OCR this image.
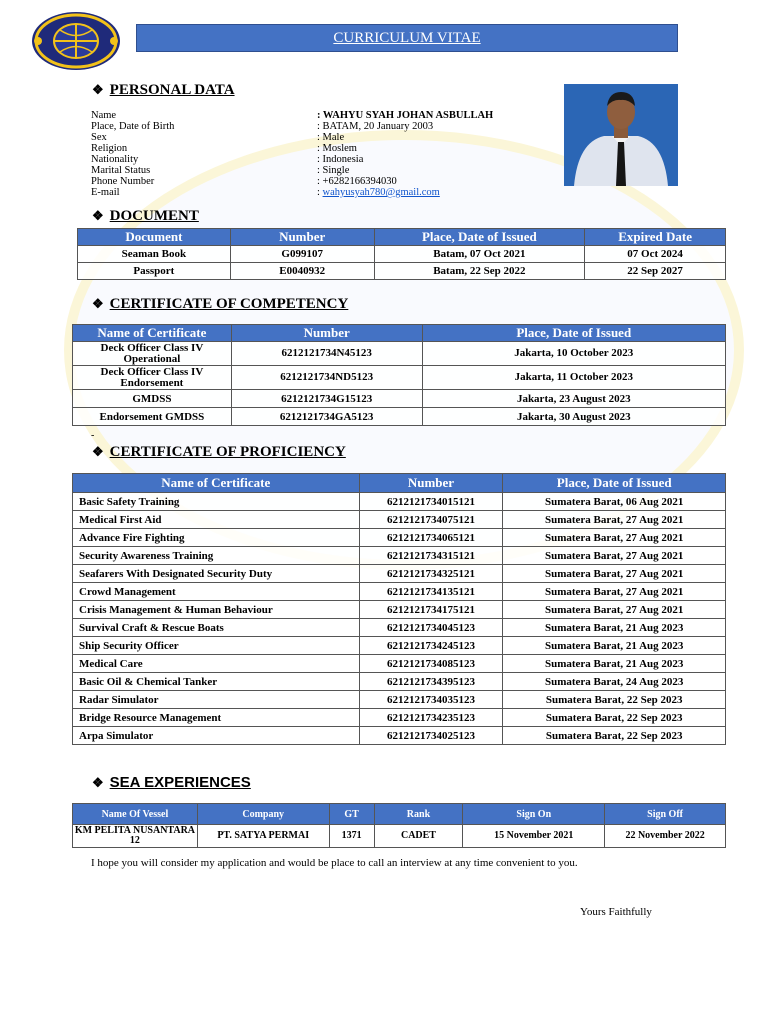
CURRICULUM VITAE
❖ PERSONAL DATA
Name	: WAHYU SYAH JOHAN ASBULLAH
Place, Date of Birth	: BATAM, 20 January 2003
Sex	: Male
Religion	: Moslem
Nationality	: Indonesia
Marital Status	: Single
Phone Number	: +6282166394030
E-mail	: wahyusyah780@gmail.com
❖ DOCUMENT
Document	Number	Place, Date of Issued	Expired Date
Seaman Book	G099107	Batam, 07 Oct 2021	07 Oct 2024
Passport	E0040932	Batam, 22 Sep 2022	22 Sep 2027
❖ CERTIFICATE OF COMPETENCY
Name of Certificate	Number	Place, Date of Issued
Deck Officer Class IV Operational	6212121734N45123	Jakarta, 10 October 2023
Deck Officer Class IV Endorsement	6212121734ND5123	Jakarta, 11 October 2023
GMDSS	6212121734G15123	Jakarta, 23 August 2023
Endorsement GMDSS	6212121734GA5123	Jakarta, 30 August 2023
-
❖ CERTIFICATE OF PROFICIENCY
Name of Certificate	Number	Place, Date of Issued
Basic Safety Training	6212121734015121	Sumatera Barat, 06 Aug 2021
Medical First Aid	6212121734075121	Sumatera Barat, 27 Aug 2021
Advance Fire Fighting	6212121734065121	Sumatera Barat, 27 Aug 2021
Security Awareness Training	6212121734315121	Sumatera Barat, 27 Aug 2021
Seafarers With Designated Security Duty	6212121734325121	Sumatera Barat, 27 Aug 2021
Crowd Management	6212121734135121	Sumatera Barat, 27 Aug 2021
Crisis Management & Human Behaviour	6212121734175121	Sumatera Barat, 27 Aug 2021
Survival Craft & Rescue Boats	6212121734045123	Sumatera Barat, 21 Aug 2023
Ship Security Officer	6212121734245123	Sumatera Barat, 21 Aug 2023
Medical Care	6212121734085123	Sumatera Barat, 21 Aug 2023
Basic Oil & Chemical Tanker	6212121734395123	Sumatera Barat, 24 Aug 2023
Radar Simulator	6212121734035123	Sumatera Barat, 22 Sep 2023
Bridge Resource Management	6212121734235123	Sumatera Barat, 22 Sep 2023
Arpa Simulator	6212121734025123	Sumatera Barat, 22 Sep 2023
❖ SEA EXPERIENCES
Name Of Vessel	Company	GT	Rank	Sign On	Sign Off
KM PELITA NUSANTARA 12	PT. SATYA PERMAI	1371	CADET	15 November 2021	22 November 2022
I hope you will consider my application and would be place to call an interview at any time convenient to you.
Yours Faithfully
